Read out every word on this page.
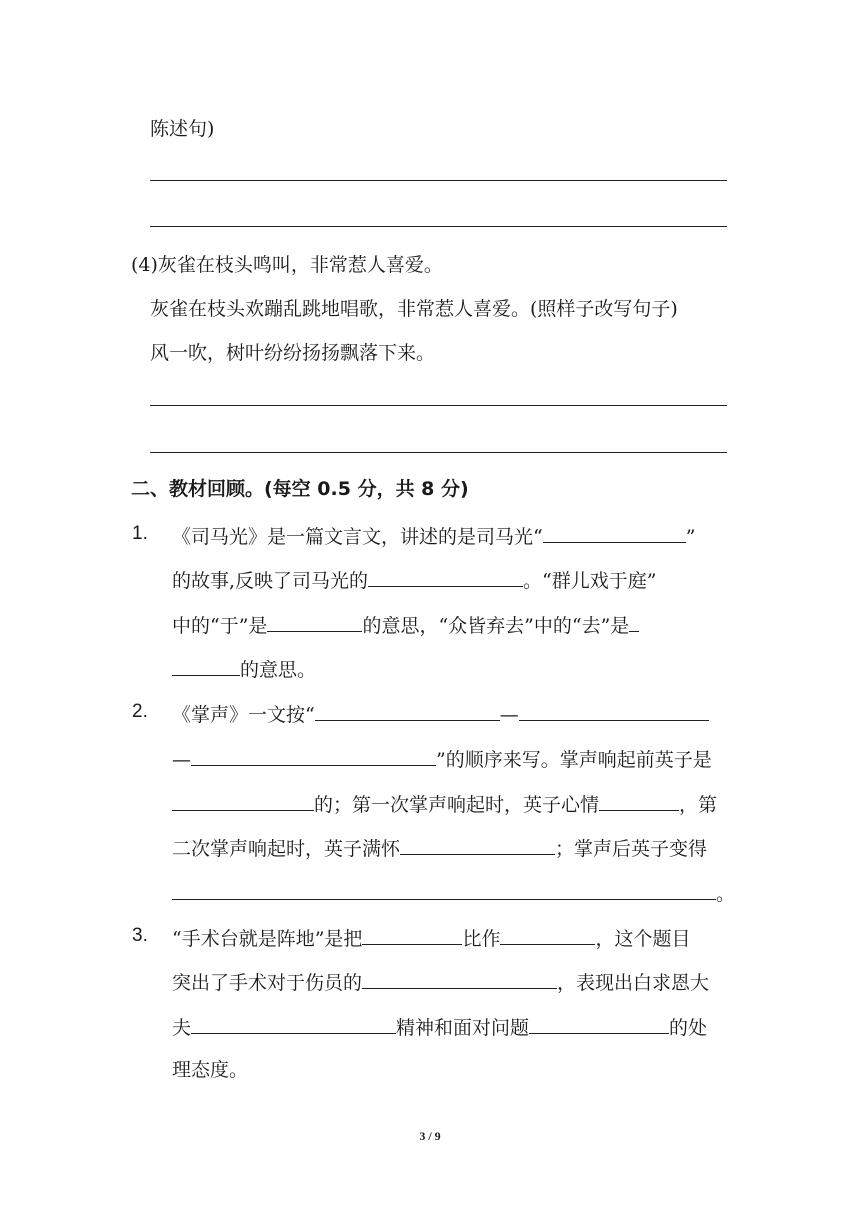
陈述句)
(4)灰雀在枝头鸣叫，非常惹人喜爱。
灰雀在枝头欢蹦乱跳地唱歌，非常惹人喜爱。(照样子改写句子)
风一吹，树叶纷纷扬扬飘落下来。
二、教材回顾。(每空 0.5 分，共 8 分)
1. 《司马光》是一篇文言文，讲述的是司马光“	”
的故事,反映了司马光的	。“群儿戏于庭”
中的“于”是	的意思，“众皆弃去”中的“去”是
的意思。
2. 《掌声》一文按“	—
—	”的顺序来写。掌声响起前英子是
的；第一次掌声响起时，英子心情	，第
二次掌声响起时，英子满怀	；掌声后英子变得
。
3. “手术台就是阵地”是把	比作	，这个题目
突出了手术对于伤员的	，表现出白求恩大
夫	精神和面对问题	的处
理态度。
3 / 9
